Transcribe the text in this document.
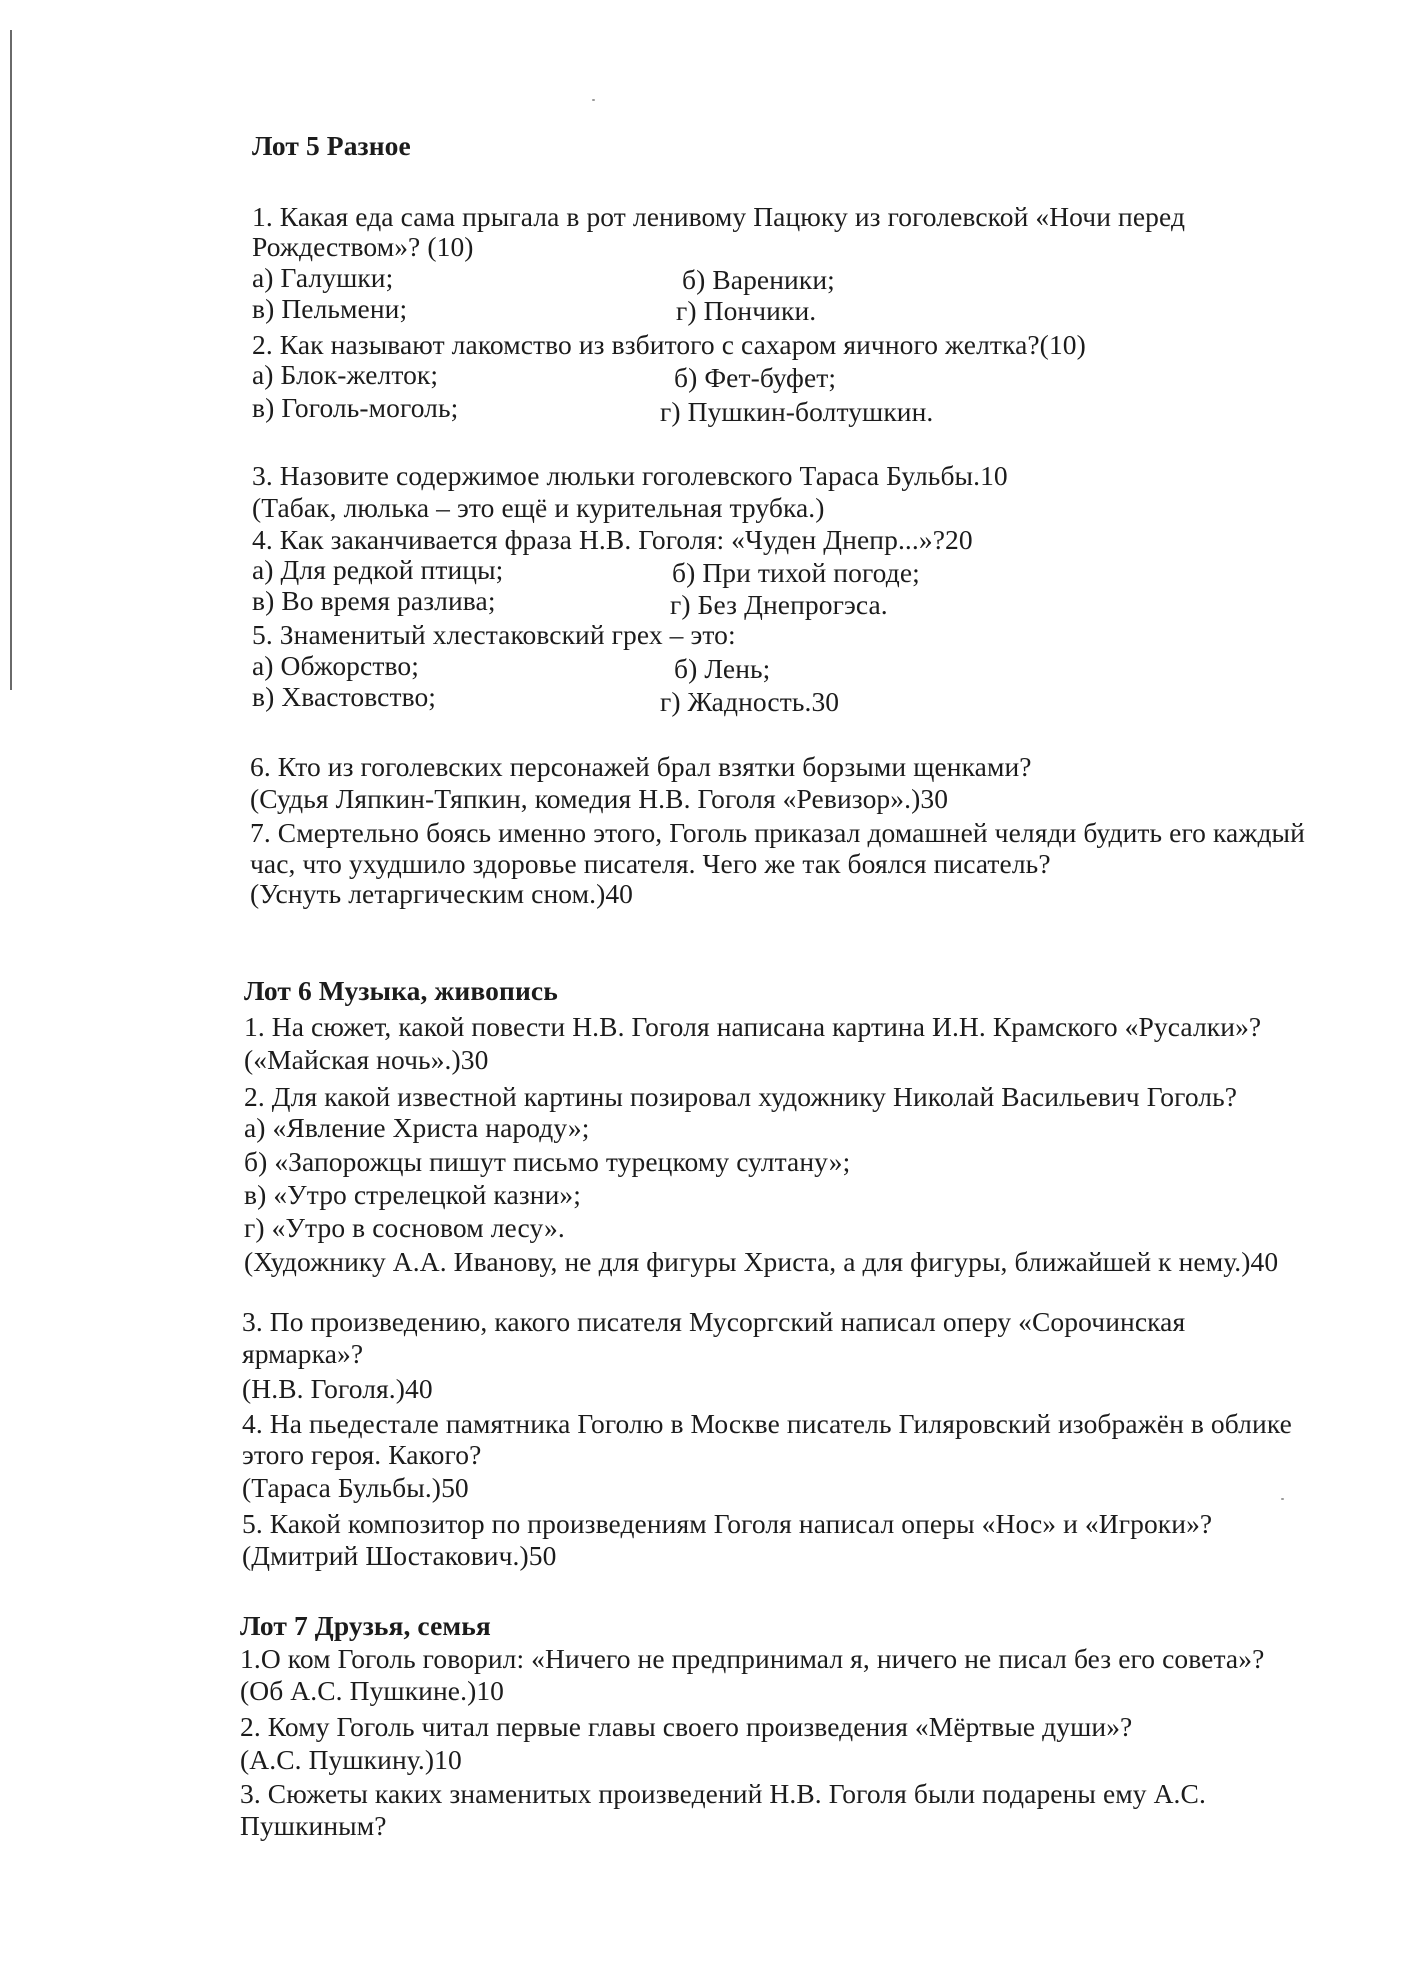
Лот 5 Разное
1. Какая еда сама прыгала в рот ленивому Пацюку из гоголевской «Ночи перед
Рождеством»? (10)
а) Галушки;	б) Вареники;
в) Пельмени;	г) Пончики.
2. Как называют лакомство из взбитого с сахаром яичного желтка?(10)
а) Блок-желток;	б) Фет-буфет;
в) Гоголь-моголь;	г) Пушкин-болтушкин.
3. Назовите содержимое люльки гоголевского Тараса Бульбы.10
(Табак, люлька – это ещё и курительная трубка.)
4. Как заканчивается фраза Н.В. Гоголя: «Чуден Днепр...»?20
а) Для редкой птицы;	б) При тихой погоде;
в) Во время разлива;	г) Без Днепрогэса.
5. Знаменитый хлестаковский грех – это:
а) Обжорство;	б) Лень;
в) Хвастовство;	г) Жадность.30
6. Кто из гоголевских персонажей брал взятки борзыми щенками?
(Судья Ляпкин-Тяпкин, комедия Н.В. Гоголя «Ревизор».)30
7. Смертельно боясь именно этого, Гоголь приказал домашней челяди будить его каждый
час, что ухудшило здоровье писателя. Чего же так боялся писатель?
(Уснуть летаргическим сном.)40
Лот 6 Музыка, живопись
1. На сюжет, какой повести Н.В. Гоголя написана картина И.Н. Крамского «Русалки»?
(«Майская ночь».)30
2. Для какой известной картины позировал художнику Николай Васильевич Гоголь?
а) «Явление Христа народу»;
б) «Запорожцы пишут письмо турецкому султану»;
в) «Утро стрелецкой казни»;
г) «Утро в сосновом лесу».
(Художнику А.А. Иванову, не для фигуры Христа, а для фигуры, ближайшей к нему.)40
3. По произведению, какого писателя Мусоргский написал оперу «Сорочинская
ярмарка»?
(Н.В. Гоголя.)40
4. На пьедестале памятника Гоголю в Москве писатель Гиляровский изображён в облике
этого героя. Какого?
(Тараса Бульбы.)50
5. Какой композитор по произведениям Гоголя написал оперы «Нос» и «Игроки»?
(Дмитрий Шостакович.)50
Лот 7 Друзья, семья
1.О ком Гоголь говорил: «Ничего не предпринимал я, ничего не писал без его совета»?
(Об А.С. Пушкине.)10
2. Кому Гоголь читал первые главы своего произведения «Мёртвые души»?
(А.С. Пушкину.)10
3. Сюжеты каких знаменитых произведений Н.В. Гоголя были подарены ему А.С.
Пушкиным?
